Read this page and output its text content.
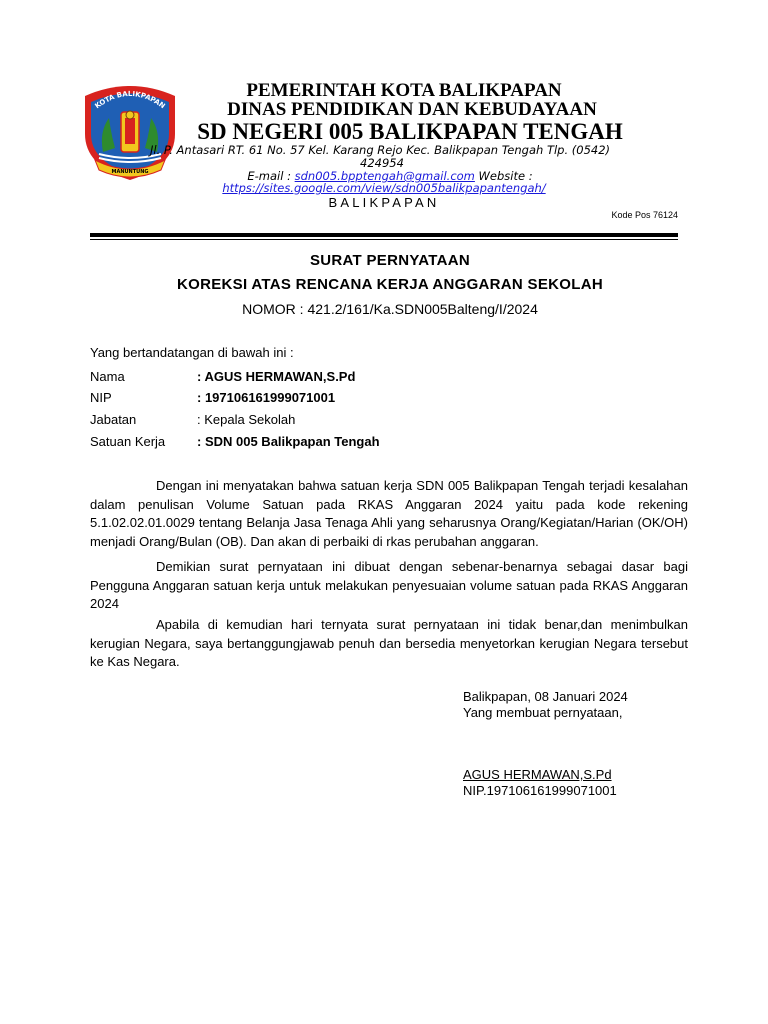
KOTA BALIKPAPAN
MANUNTUNG
PEMERINTAH KOTA BALIKPAPAN
DINAS PENDIDIKAN DAN KEBUDAYAAN
SD NEGERI 005 BALIKPAPAN TENGAH
Jl. P. Antasari RT. 61 No. 57 Kel. Karang Rejo Kec. Balikpapan Tengah Tlp. (0542)
424954
E-mail : sdn005.bpptengah@gmail.com Website :
https://sites.google.com/view/sdn005balikpapantengah/
BALIKPAPAN
Kode Pos 76124
SURAT PERNYATAAN
KOREKSI ATAS RENCANA KERJA ANGGARAN SEKOLAH
NOMOR : 421.2/161/Ka.SDN005Balteng/I/2024
Yang bertandatangan di bawah ini :
Nama	: AGUS HERMAWAN,S.Pd
NIP	: 197106161999071001
Jabatan	: Kepala Sekolah
Satuan Kerja : SDN 005 Balikpapan Tengah
Dengan ini menyatakan bahwa satuan kerja SDN 005 Balikpapan Tengah terjadi kesalahan dalam penulisan Volume Satuan pada RKAS Anggaran 2024 yaitu pada kode rekening 5.1.02.02.01.0029 tentang Belanja Jasa Tenaga Ahli yang seharusnya Orang/Kegiatan/Harian (OK/OH) menjadi Orang/Bulan (OB). Dan akan di perbaiki di rkas perubahan anggaran.
Demikian surat pernyataan ini dibuat dengan sebenar-benarnya sebagai dasar bagi Pengguna Anggaran satuan kerja untuk melakukan penyesuaian volume satuan pada RKAS Anggaran 2024
Apabila di kemudian hari ternyata surat pernyataan ini tidak benar,dan menimbulkan kerugian Negara, saya bertanggungjawab penuh dan bersedia menyetorkan kerugian Negara tersebut ke Kas Negara.
Balikpapan, 08 Januari 2024
Yang membuat pernyataan,
AGUS HERMAWAN,S.Pd
NIP.197106161999071001
